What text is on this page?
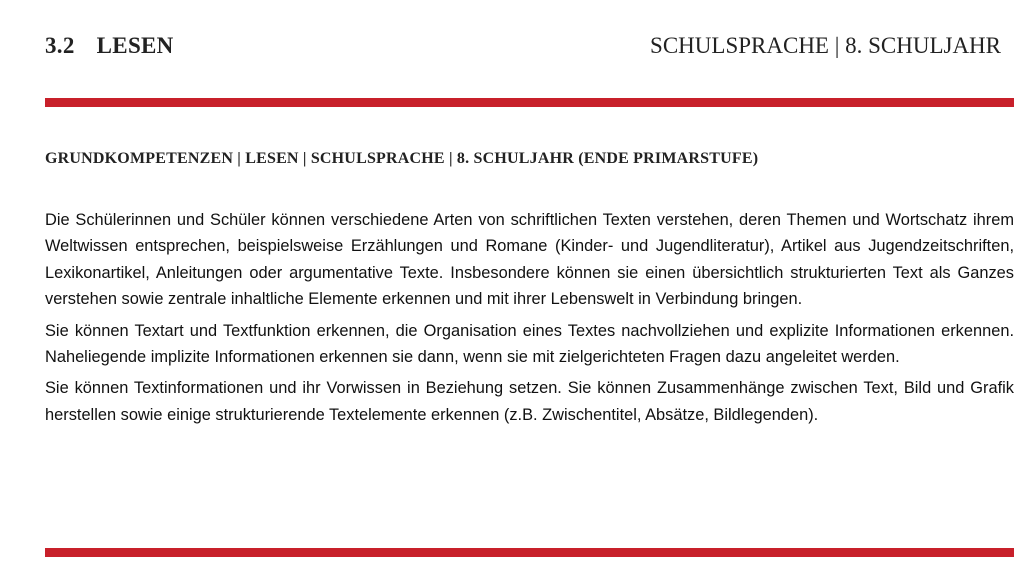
3.2 LESEN	SCHULSPRACHE | 8. SCHULJAHR
GRUNDKOMPETENZEN | LESEN | SCHULSPRACHE | 8. SCHULJAHR (ENDE PRIMARSTUFE)

Die Schülerinnen und Schüler können verschiedene Arten von schriftlichen Texten verstehen, deren Themen und Wortschatz ihrem Weltwissen entsprechen, beispielsweise Erzählungen und Romane (Kinder- und Jugendliteratur), Artikel aus Jugendzeitschriften, Lexikonartikel, Anleitungen oder argumentative Texte. Insbesondere können sie einen übersichtlich strukturierten Text als Ganzes verstehen sowie zentrale inhaltliche Elemente erkennen und mit ihrer Lebenswelt in Verbindung bringen.

Sie können Textart und Textfunktion erkennen, die Organisation eines Textes nachvollziehen und explizite Informationen erkennen. Naheliegende implizite Informationen erkennen sie dann, wenn sie mit zielgerichteten Fragen dazu angeleitet werden.

Sie können Textinformationen und ihr Vorwissen in Beziehung setzen. Sie können Zusammenhänge zwischen Text, Bild und Grafik herstellen sowie einige strukturierende Textelemente erkennen (z.B. Zwischentitel, Absätze, Bildlegenden).
